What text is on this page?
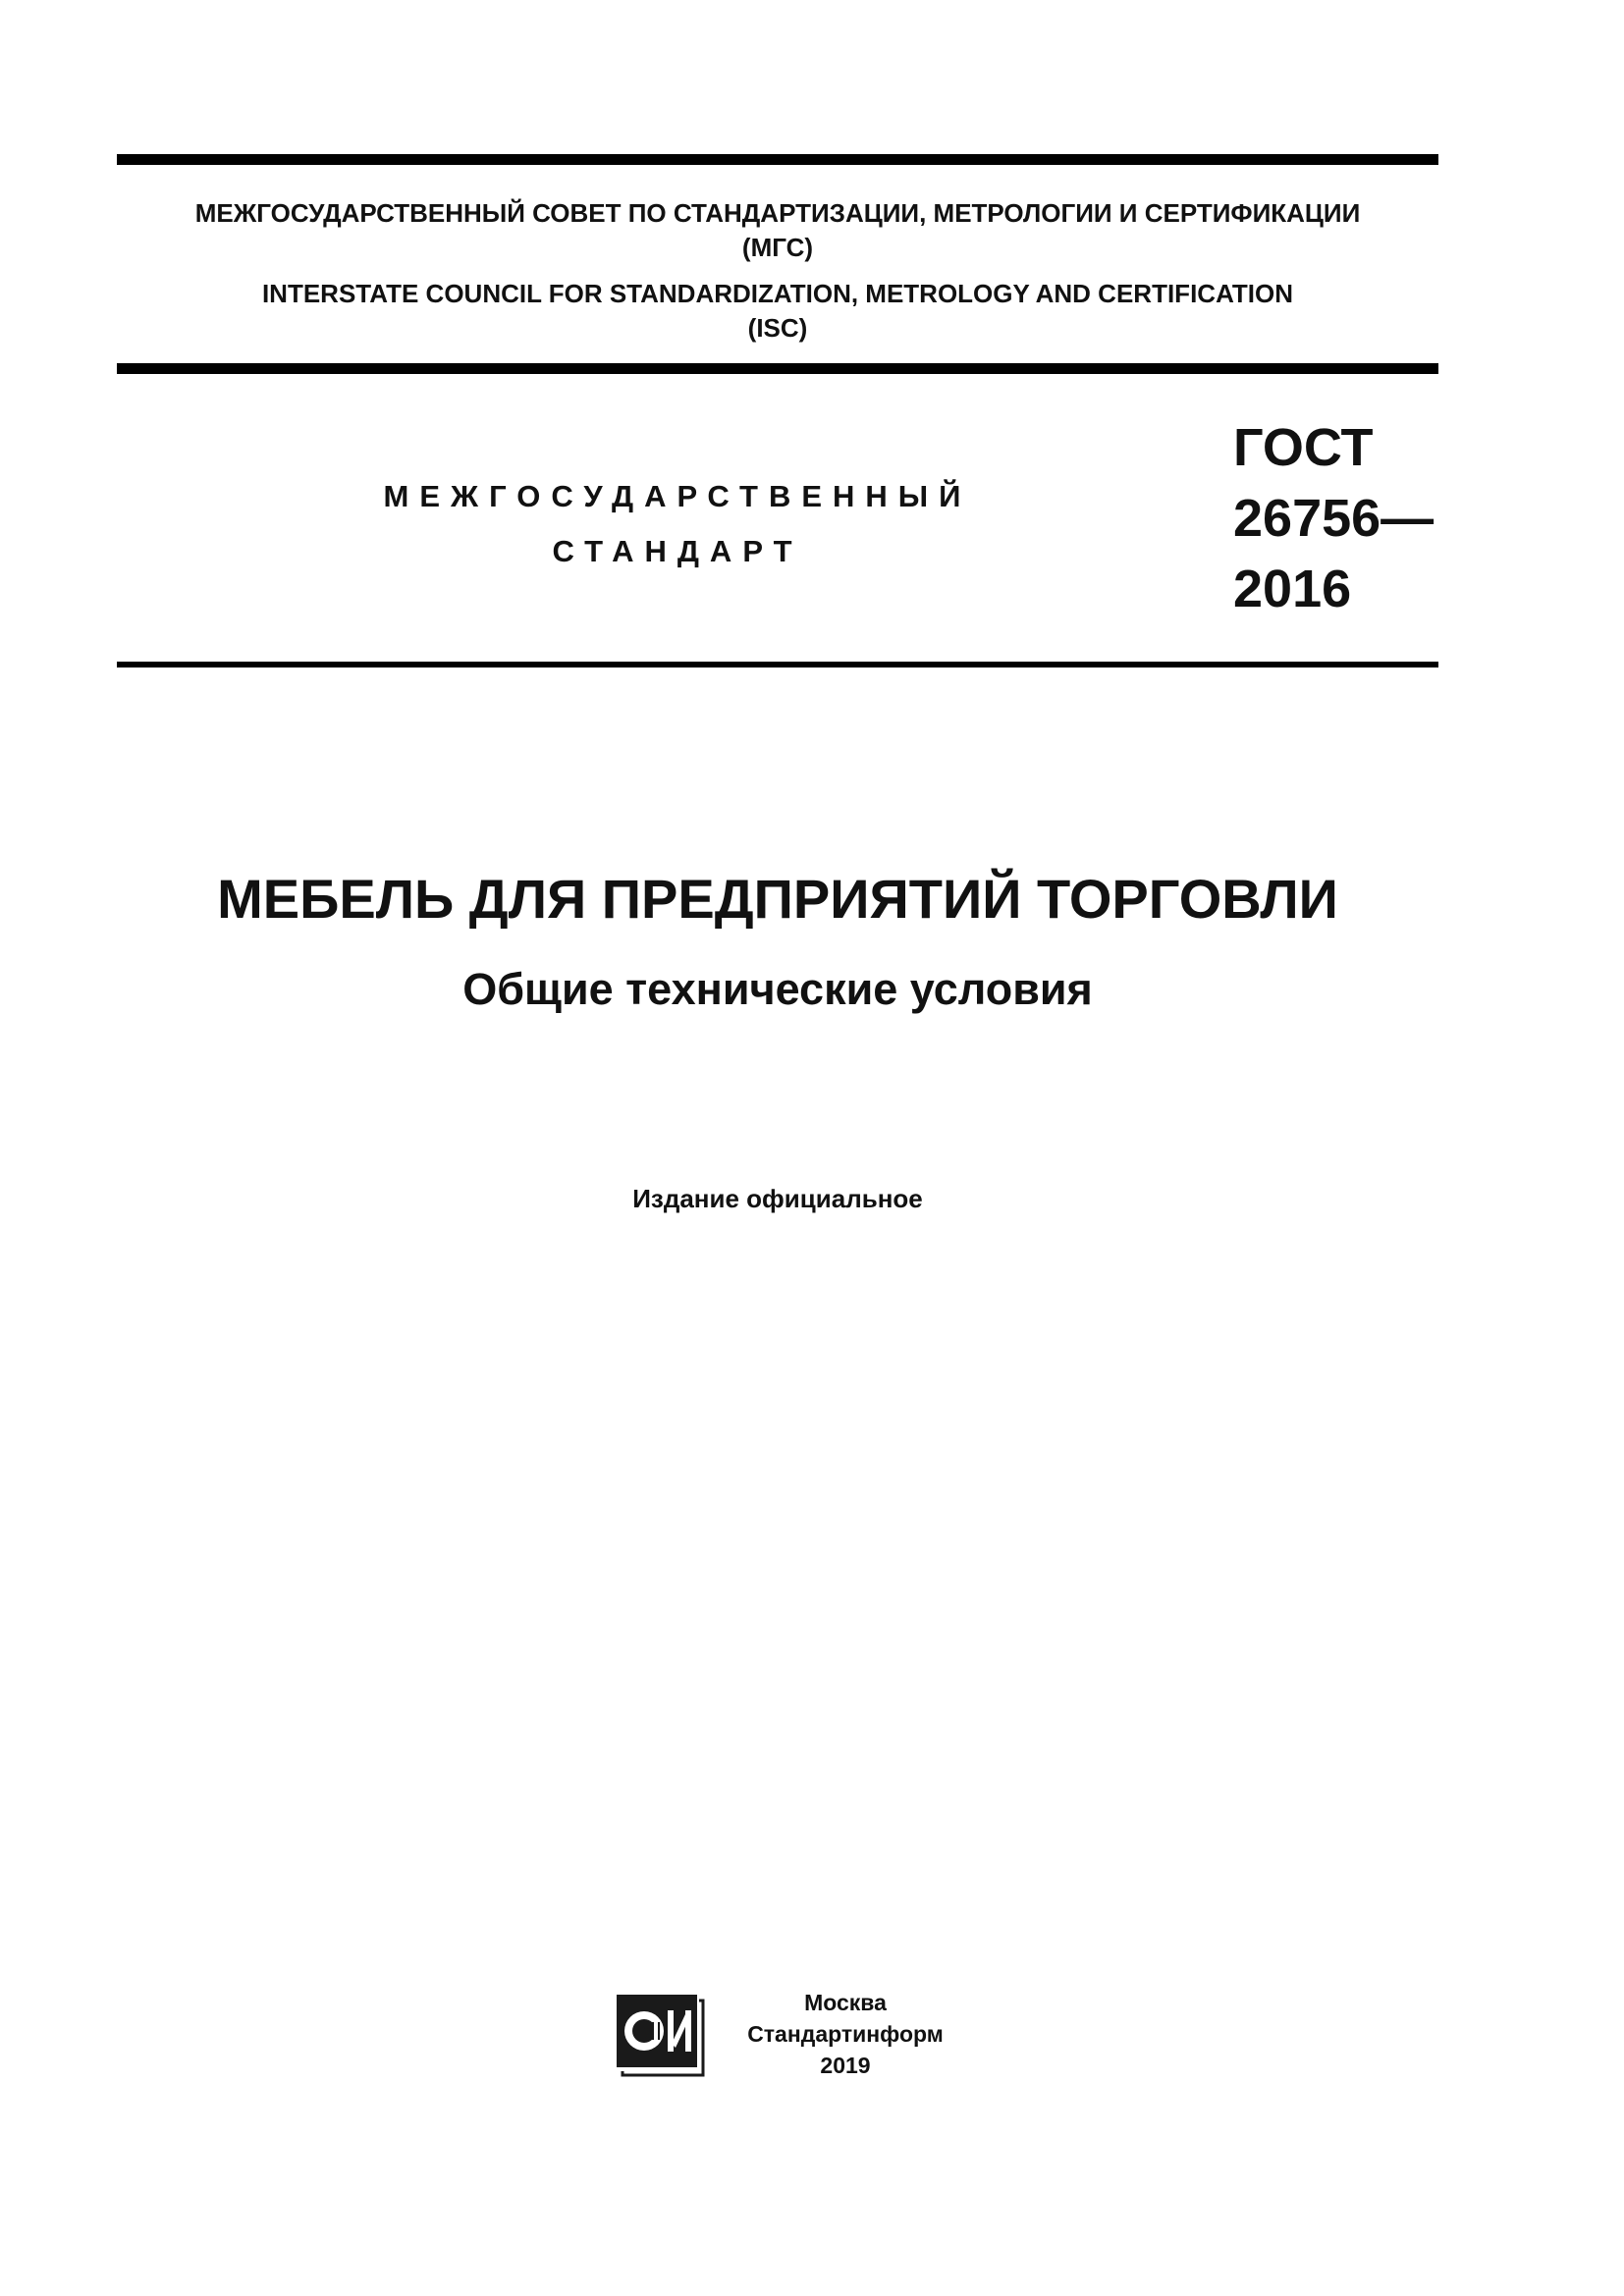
МЕЖГОСУДАРСТВЕННЫЙ СОВЕТ ПО СТАНДАРТИЗАЦИИ, МЕТРОЛОГИИ И СЕРТИФИКАЦИИ
(МГС)
INTERSTATE COUNCIL FOR STANDARDIZATION, METROLOGY AND CERTIFICATION
(ISC)
МЕЖГОСУДАРСТВЕННЫЙ
СТАНДАРТ
ГОСТ
26756—
2016
МЕБЕЛЬ ДЛЯ ПРЕДПРИЯТИЙ ТОРГОВЛИ
Общие технические условия
Издание официальное
Москва
Стандартинформ
2019
